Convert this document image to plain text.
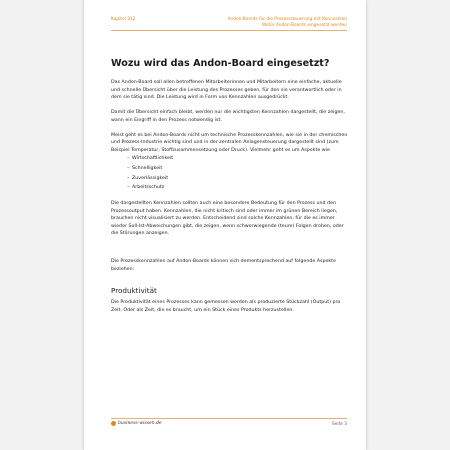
Kapitel 312	Andon-Boards für die Prozesssteuerung mit Kennzahlen
Wofür Andon-Boards eingesetzt werden
Wozu wird das Andon-Board eingesetzt?

Das Andon-Board soll allen betroffenen Mitarbeiterinnen und Mitarbeitern eine einfache, aktuelle und schnelle Übersicht über die Leistung des Prozesses geben, für den sie verantwortlich oder in dem sie tätig sind. Die Leistung wird in Form von Kennzahlen ausgedrückt.

Damit die Übersicht einfach bleibt, werden nur die wichtigsten Kennzahlen dargestellt, die zeigen, wann ein Eingriff in den Prozess notwendig ist.

Meist geht es bei Andon-Boards nicht um technische Prozesskennzahlen, wie sie in der chemischen und Prozess-Industrie wichtig sind und in der zentralen Anlagensteuerung dargestellt sind (zum Beispiel Temperatur, Stoffzusammensetzung oder Druck). Vielmehr geht es um Aspekte wie

– Wirtschaftlichkeit
– Schnelligkeit
– Zuverlässigkeit
– Arbeitsschutz

Die dargestellten Kennzahlen sollten auch eine besondere Bedeutung für den Prozess und den Prozessoutput haben. Kennzahlen, die nicht kritisch sind oder immer im grünen Bereich liegen, brauchen nicht visualisiert zu werden. Entscheidend sind solche Kennzahlen, für die es immer wieder Soll-Ist-Abweichungen gibt, die zeigen, wenn schwerwiegende (teure) Folgen drohen, oder die Störungen anzeigen.

Die Prozesskennzahlen auf Andon-Boards können sich dementsprechend auf folgende Aspekte beziehen:

Produktivität

Die Produktivität eines Prozesses kann gemessen werden als produzierte Stückzahl (Output) pro Zeit. Oder als Zeit, die es braucht, um ein Stück eines Produkts herzustellen.

business-wissen.de	Seite 3
